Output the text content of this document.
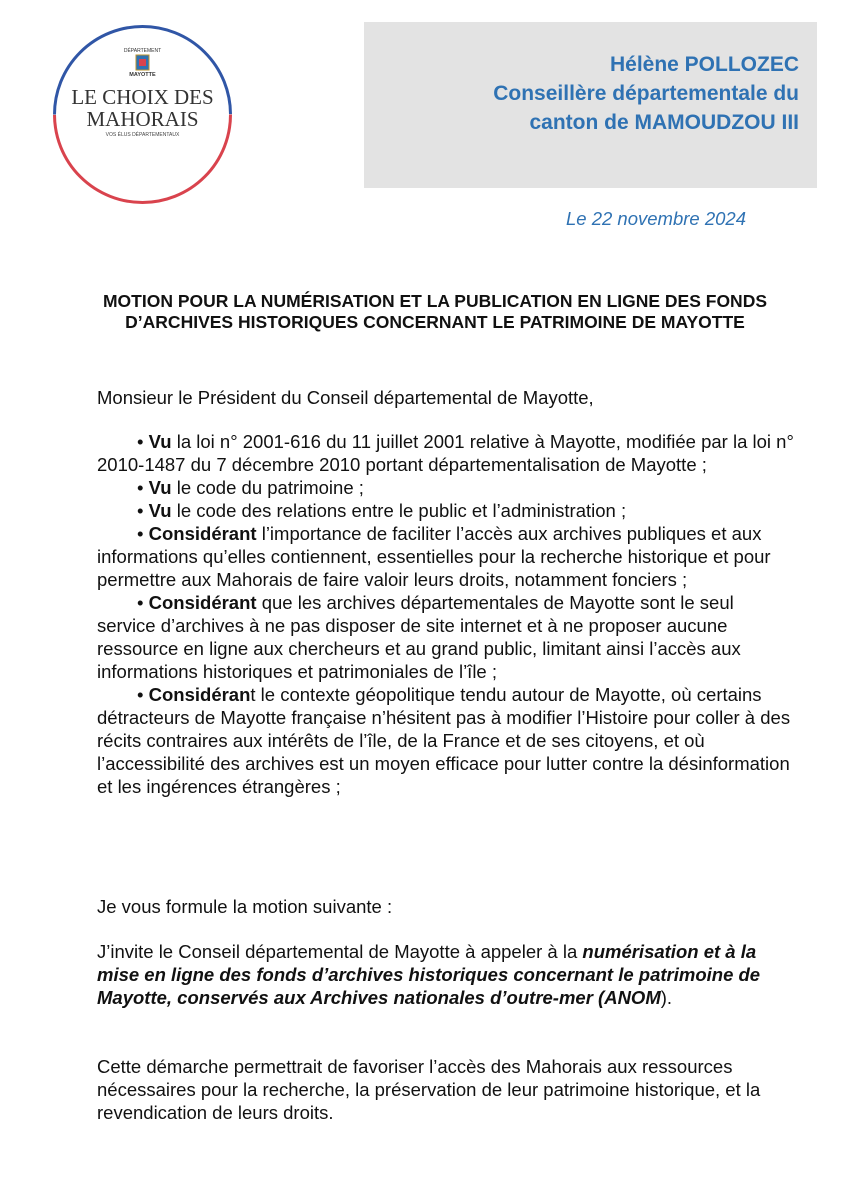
DÉPARTEMENT
MAYOTTE
LE CHOIX DES
MAHORAIS
VOS ÉLUS DÉPARTEMENTAUX
Hélène POLLOZEC
Conseillère départementale du
canton de MAMOUDZOU III
Le 22 novembre 2024
MOTION POUR LA NUMÉRISATION ET LA PUBLICATION EN LIGNE DES FONDS D’ARCHIVES HISTORIQUES CONCERNANT LE PATRIMOINE DE MAYOTTE
Monsieur le Président du Conseil départemental de Mayotte,

• Vu la loi n° 2001-616 du 11 juillet 2001 relative à Mayotte, modifiée par la loi n° 2010-1487 du 7 décembre 2010 portant départementalisation de Mayotte ;

• Vu le code du patrimoine ;

• Vu le code des relations entre le public et l’administration ;

• Considérant l’importance de faciliter l’accès aux archives publiques et aux informations qu’elles contiennent, essentielles pour la recherche historique et pour permettre aux Mahorais de faire valoir leurs droits, notamment fonciers ;

• Considérant que les archives départementales de Mayotte sont le seul service d’archives à ne pas disposer de site internet et à ne proposer aucune ressource en ligne aux chercheurs et au grand public, limitant ainsi l’accès aux informations historiques et patrimoniales de l’île ;

• Considérant le contexte géopolitique tendu autour de Mayotte, où certains détracteurs de Mayotte française n’hésitent pas à modifier l’Histoire pour coller à des récits contraires aux intérêts de l’île, de la France et de ses citoyens, et où l’accessibilité des archives est un moyen efficace pour lutter contre la désinformation et les ingérences étrangères ;

Je vous formule la motion suivante :

J’invite le Conseil départemental de Mayotte à appeler à la numérisation et à la mise en ligne des fonds d’archives historiques concernant le patrimoine de Mayotte, conservés aux Archives nationales d’outre-mer (ANOM).

Cette démarche permettrait de favoriser l’accès des Mahorais aux ressources nécessaires pour la recherche, la préservation de leur patrimoine historique, et la revendication de leurs droits.
